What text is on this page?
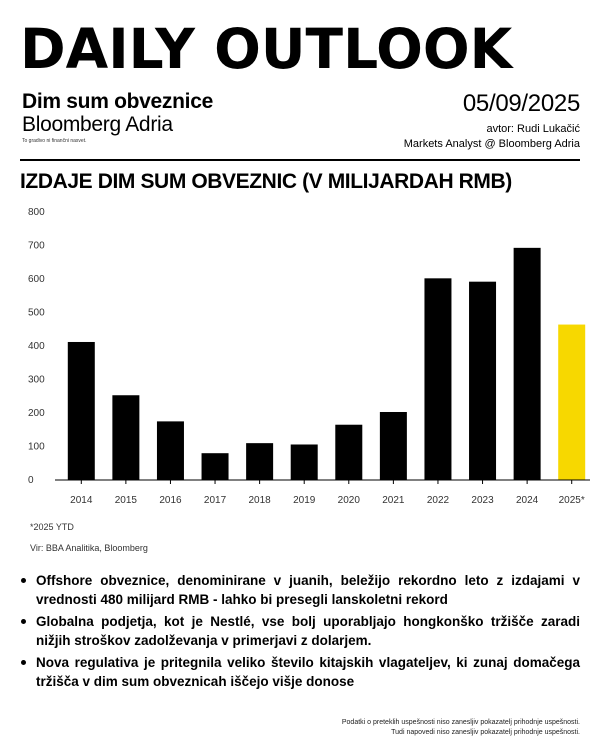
DAILY OUTLOOK
Dim sum obveznice
Bloomberg Adria
To gradivo ni finančni nasvet.
05/09/2025
avtor: Rudi Lukačić
Markets Analyst @ Bloomberg Adria
IZDAJE DIM SUM OBVEZNIC (V MILIJARDAH RMB)
0
100
200
300
400
500
600
700
800
2014 2015 2016 2017 2018 2019 2020 2021 2022 2023 2024 2025*
*2025 YTD
Vir: BBA Analitika, Bloomberg
Offshore obveznice, denominirane v juanih, beležijo rekordno leto z izdajami v vrednosti 480 milijard RMB - lahko bi presegli lanskoletni rekord
Globalna podjetja, kot je Nestlé, vse bolj uporabljajo hongkonško tržišče zaradi nižjih stroškov zadolževanja v primerjavi z dolarjem.
Nova regulativa je pritegnila veliko število kitajskih vlagateljev, ki zunaj domačega tržišča v dim sum obveznicah iščejo višje donose
Podatki o preteklih uspešnosti niso zanesljiv pokazatelj prihodnje uspešnosti.
Tudi napovedi niso zanesljiv pokazatelj prihodnje uspešnosti.
